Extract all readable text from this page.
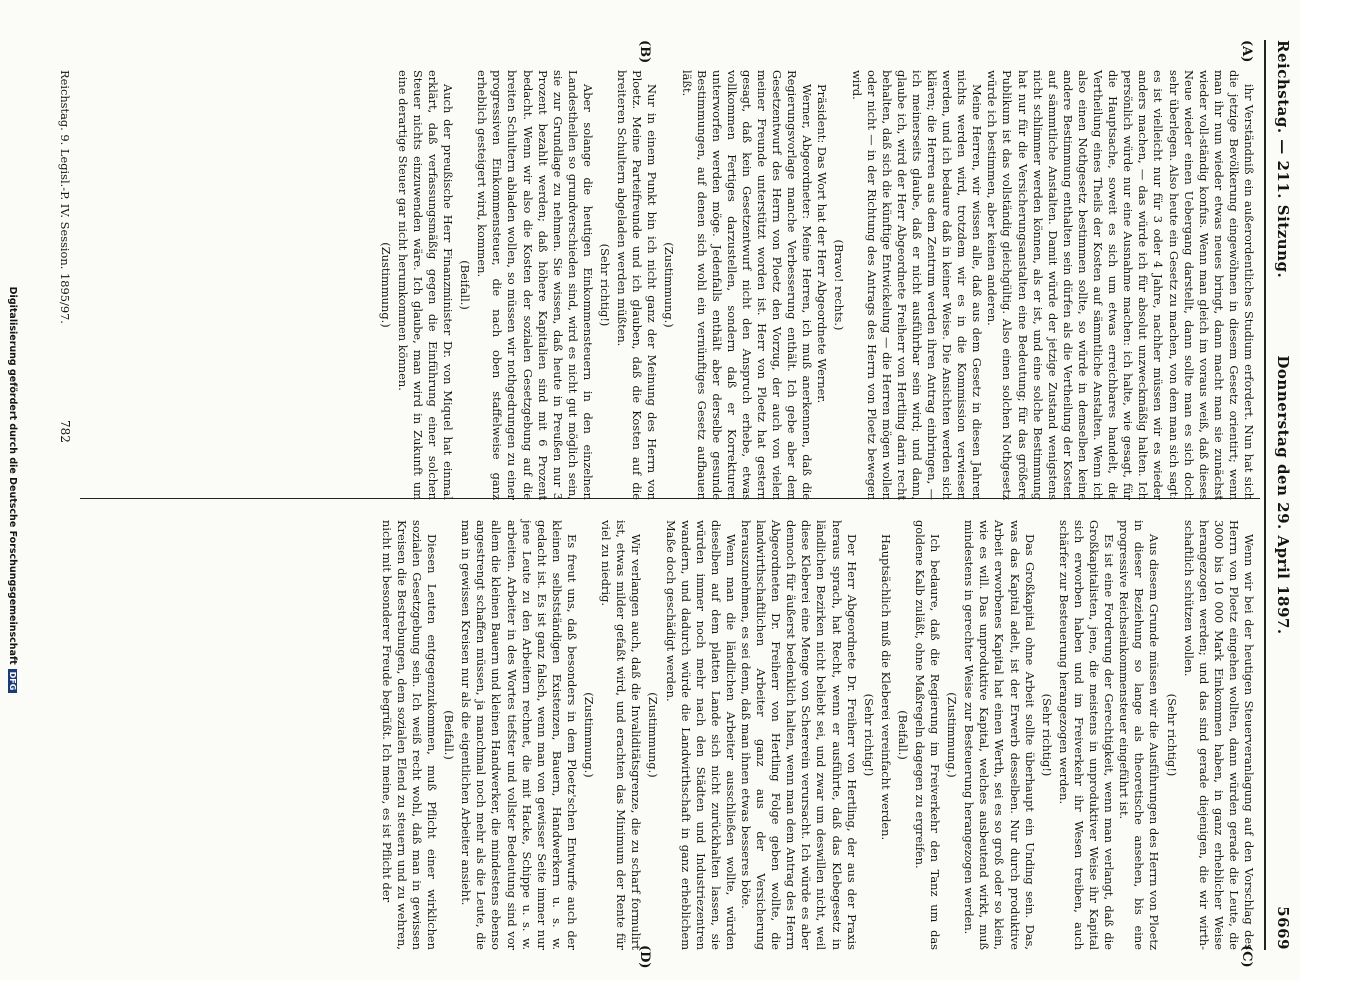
Reichstag. — 211. Sitzung.
Donnerstag den 29. April 1897.
5669
(A)
(B)
(C)
(D)

ihr Verständniß ein außerordentliches Studium erfordert. Nun hat sich die jetzige Bevölkerung eingewöhnen in diesem Gesetz orientirt; wenn man ihr nun wieder etwas neues bringt, dann macht man sie zunächst wieder voll-ständig konfus. Wenn man gleich im voraus weiß, daß dieses Neue wieder einen Uebergang darstellt, dann sollte man es sich doch sehr überlegen. Also heute ein Gesetz zu machen, von dem man sich sagt: es ist vielleicht nur für 3 oder 4 Jahre, nachher müssen wir es wieder anders machen, — das würde ich für absolut unzweckmäßig halten. Ich persönlich würde nur eine Ausnahme machen: ich halte, wie gesagt, für die Hauptsache, soweit es sich um etwas erreichbares handelt, die Vertheilung eines Theils der Kosten auf sämmtliche Anstalten. Wenn ich also einen Nothgesetz bestimmen sollte, so würde in demselben keine andere Bestimmung enthalten sein dürfen als die Vertheilung der Kosten auf sämmtliche Anstalten. Damit würde der jetzige Zustand wenigstens nicht schlimmer werden können, als er ist, und eine solche Bestimmung hat nur für die Versicherungsanstalten eine Bedeutung; für das größere Publikum ist das vollständig gleichgültig. Also einen solchen Nothgesetz würde ich bestimmen, aber keinen anderen.

Meine Herren, wir wissen alle, daß aus dem Gesetz in diesen Jahren nichts werden wird, trotzdem wir es in die Kommission verwiesen werden, und ich bedaure daß in keiner Weise. Die Ansichten werden sich klären; die Herren aus dem Zentrum werden ihren Antrag einbringen, — ich meinerseits glaube, daß er nicht ausführbar sein wird; und dann, glaube ich, wird der Herr Abgeordnete Freiherr von Hertling darin recht behalten, daß sich die künftige Entwickelung — die Herren mögen wollen oder nicht — in der Richtung des Antrags des Herrn von Ploetz bewegen wird.

(Bravo! rechts.)

Präsident: Das Wort hat der Herr Abgeordnete Werner.

Werner, Abgeordneter: Meine Herren, ich muß anerkennen, daß die Regierungsvorlage manche Verbesserung enthält. Ich gebe aber dem Gesetzentwurf des Herrn von Ploetz den Vorzug, der auch von vielen meiner Freunde unterstützt worden ist. Herr von Ploetz hat gestern gesagt, daß kein Gesetzentwurf nicht den Anspruch erhebe, etwas vollkommen Fertiges darzustellen, sondern daß er Korrekturen unterworfen werden möge. Jedenfalls enthält aber derselbe gesunde Bestimmungen, auf denen sich wohl ein vernünftiges Gesetz aufbauen läßt.

(Zustimmung.)

Nur in einem Punkt bin ich nicht ganz der Meinung des Herrn von Ploetz. Meine Parteifreunde und ich glauben, daß die Kosten auf die breiteren Schultern abgeladen werden müßten.

(Sehr richtig!)

Aber solange die heutigen Einkommensteuern in den einzelnen Landestheilen so grundverschieden sind, wird es nicht gut möglich sein, sie zur Grundlage zu nehmen. Sie wissen, daß heute in Preußen nur 3 Prozent bezahlt werden; daß höhere Kapitalien sind mit 6 Prozent bedacht. Wenn wir also die Kosten der sozialen Gesetzgebung auf die breiten Schultern abladen wollen, so müssen wir nothgedrungen zu einer progressiven Einkommensteuer, die nach oben staffelweise ganz erheblich gesteigert wird, kommen.

(Beifall.)

Auch der preußische Herr Finanzminister Dr. von Miquel hat einmal erklärt, daß verfassungsmäßig gegen die Einführung einer solchen Steuer nichts einzuwenden wäre. Ich glaube, man wird in Zukunft um eine derartige Steuer gar nicht herumkommen können.

(Zustimmung.)

Wenn wir bei der heutigen Steuerveranlagung auf den Vorschlag des Herrn von Ploetz eingehen wollten, dann würden gerade die Leute, die 3000 bis 10 000 Mark Einkommen haben, in ganz erheblicher Weise herangezogen werden; und das sind gerade diejenigen, die wir wirth-schaftlich schützen wollen.

(Sehr richtig!)

Aus diesem Grunde müssen wir die Ausführungen des Herrn von Ploetz in dieser Beziehung so lange als theoretische ansehen, bis eine progressive Reichseinkommensteuer eingeführt ist.

Es ist eine Forderung der Gerechtigkeit, wenn man verlangt, daß die Großkapitalisten, jene, die meistens in unproduktiver Weise ihr Kapital sich erworben haben und im Freiverkehr ihr Wesen treiben, auch schärfer zur Besteuerung herangezogen werden.

(Sehr richtig!)

Das Großkapital ohne Arbeit sollte überhaupt ein Unding sein. Das, was das Kapital adelt, ist der Erwerb desselben. Nur durch produktive Arbeit erworbenes Kapital hat einen Werth, sei es so groß oder so klein, wie es will. Das unproduktive Kapital, welches ausbeutend wirkt, muß mindestens in gerechter Weise zur Besteuerung herangezogen werden.

(Zustimmung.)

Ich bedaure, daß die Regierung im Freiverkehr den Tanz um das goldene Kalb zuläßt, ohne Maßregeln dagegen zu ergreifen.

(Beifall.)

Hauptsächlich muß die Kleberei vereinfacht werden.

(Sehr richtig!)

Der Herr Abgeordnete Dr. Freiherr von Hertling, der aus der Praxis heraus sprach, hat Recht, wenn er ausführte, daß das Klebegesetz in ländlichen Bezirken nicht beliebt sei, und zwar um deswillen nicht, weil diese Kleberei eine Menge von Schererein verursacht. Ich würde es aber dennoch für äußerst bedenklich halten, wenn man dem Antrag des Herrn Abgeordneten Dr. Freiherr von Hertling Folge geben wollte, die landwirthschaftlichen Arbeiter ganz aus der Versicherung herauszunehmen, es sei denn, daß man ihnen etwas besseres böte.

Wenn man die ländlichen Arbeiter ausschließen wollte, würden dieselben auf dem platten Lande sich nicht zurückhalten lassen, sie würden immer noch mehr nach den Städten und Industriezentren wandern, und dadurch würde die Landwirthschaft in ganz erheblichem Maße doch geschädigt werden.

(Zustimmung.)

Wir verlangen auch, daß die Invaliditätsgrenze, die zu scharf formulirt ist, etwas milder gefaßt wird, und erachten das Minimum der Rente für viel zu niedrig.

(Zustimmung.)

Es freut uns, daß besonders in dem Ploetz'schen Entwurfe auch der kleinen selbstständigen Existenzen, Bauern, Handwerkern u. s. w. gedacht ist. Es ist ganz falsch, wenn man von gewisser Seite immer nur jene Leute zu den Arbeitern rechnet, die mit Hacke, Schippe u. s. w. arbeiten. Arbeiter in des Wortes tiefster und vollster Bedeutung sind vor allem die kleinen Bauern und kleinen Handwerker, die mindestens ebenso angestrengt schaffen müssen, ja manchmal noch mehr als die Leute, die man in gewissen Kreisen nur als die eigentlichen Arbeiter ansieht.

(Beifall.)

Diesen Leuten entgegenzukommen, muß Pflicht einer wirklichen sozialen Gesetzgebung sein. Ich weiß recht wohl, daß man in gewissen Kreisen die Bestrebungen, dem sozialen Elend zu steuern und zu wehren, nicht mit besonderer Freude begrüßt. Ich meine, es ist Pflicht der

Reichstag. 9. Legisl.-P. IV. Session. 1895/97.
782
Digitalisierung gefördert durch die Deutsche ForschungsgemeinschaftDFG
